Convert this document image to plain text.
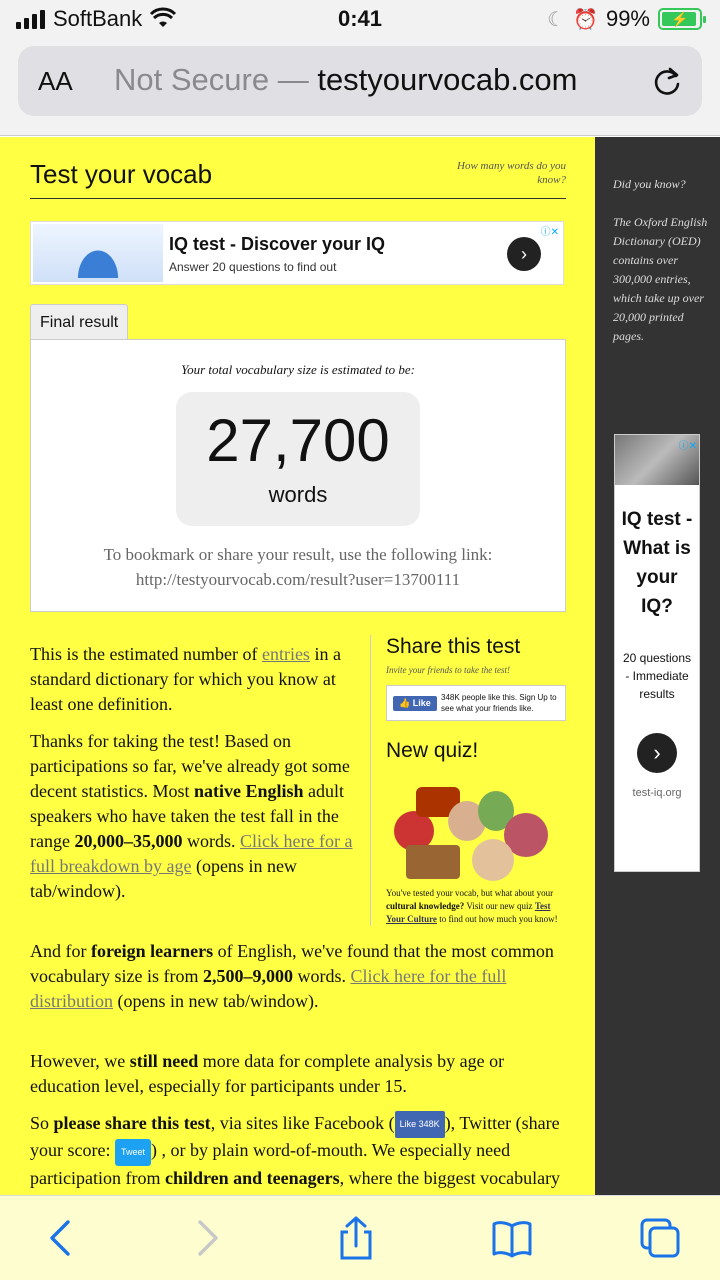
SoftBank	0:41	☾ ⏰ 99% ⚡
AA Not Secure — testyourvocab.com
Did you know?
The Oxford English Dictionary (OED) contains over 300,000 entries, which take up over 20,000 printed pages.
ⓘ✕
IQ test - What is your IQ?
20 questions - Immediate results
›
test-iq.org
Test your vocab	How many words do you know?
IQ test - Discover your IQ
Answer 20 questions to find out
›
ⓘ✕
Final result
Your total vocabulary size is estimated to be:
27,700
words
To bookmark or share your result, use the following link:
http://testyourvocab.com/result?user=13700111

This is the estimated number of entries in a standard dictionary for which you know at least one definition.

Thanks for taking the test! Based on participations so far, we've already got some decent statistics. Most native English adult speakers who have taken the test fall in the range 20,000–35,000 words. Click here for a full breakdown by age (opens in new tab/window).

Share this test
Invite your friends to take the test!
👍 Like
348K people like this. Sign Up to see what your friends like.
New quiz!
You've tested your vocab, but what about your cultural knowledge? Visit our new quiz Test Your Culture to find out how much you know!
And for foreign learners of English, we've found that the most common vocabulary size is from 2,500–9,000 words. Click here for the full distribution (opens in new tab/window).
However, we still need more data for complete analysis by age or education level, especially for participants under 15.
So please share this test, via sites like Facebook ( Like 348K ), Twitter (share your score: Tweet ) , or by plain word-of-mouth. We especially need participation from children and teenagers, where the biggest vocabulary
